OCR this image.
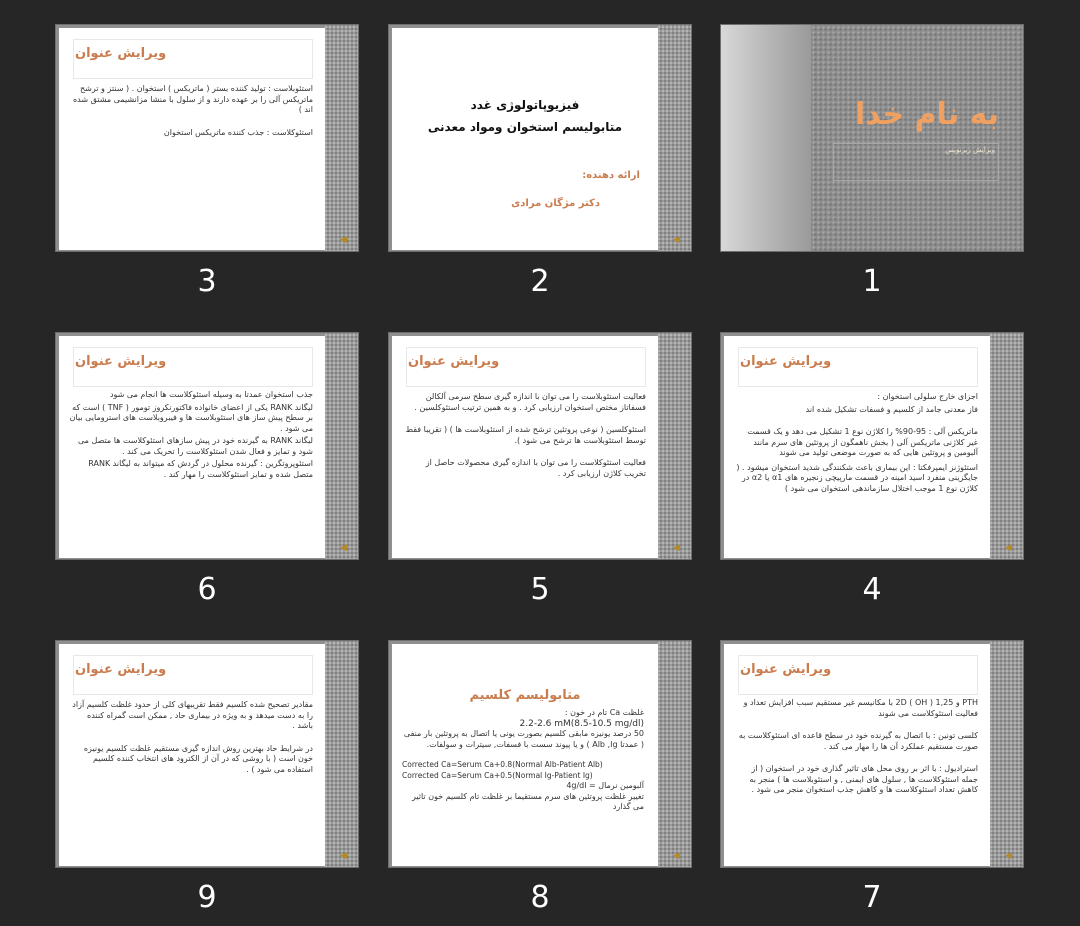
ویرایش عنوان

استئوبلاست : تولید کننده بستر ( ماتریکس ) استخوان . ( سنتز و ترشح ماتریکس آلی را بر عهده دارند و از سلول با منشا مزانشیمی مشتق شده اند )

استئوکلاست : جذب کننده ماتریکس استخوان

◀
3
فیزیوپاتولوژی غدد
متابولیسم استخوان ومواد معدنی
ارائه دهنده:
دکتر مژگان مرادی
◀
2
به نام خدا
ویرایش زیرنویس
1
ویرایش عنوان

جذب استخوان عمدتا به وسیله استئوکلاست ها انجام می شود

لیگاند RANK یکی از اعضای خانواده فاکتورنکروز تومور ( TNF ) است که بر سطح پیش ساز های استئوبلاست ها و فیبروبلاست های استرومایی بیان می شود .

لیگاند RANK به گیرنده خود در پیش سازهای استئوکلاست ها متصل می شود و تمایز و فعال شدن استئوکلاست را تحریک می کند .

استئوپروتگرین : گیرنده محلول در گردش که میتواند به لیگاند RANK متصل شده و تمایز استئوکلاست را مهار کند .

◀
6
ویرایش عنوان

فعالیت استئوبلاست را می توان با اندازه گیری سطح سرمی آلکالن فسفاتاز مختص استخوان ارزیابی کرد . و به همین ترتیب استئوکلسین .

استئوکلسین ( نوعی پروتئین ترشح شده از استئوبلاست ها ) ( تقریبا فقط توسط استئوبلاست ها ترشح می شود ).

فعالیت استئوکلاست را می توان با اندازه گیری محصولات حاصل از تخریب کلاژن ارزیابی کرد .

◀
5
ویرایش عنوان

اجزای خارج سلولی استخوان :

فاز معدنی جامد از کلسیم و فسفات تشکیل شده اند

ماتریکس آلی : 95-90% را کلاژن نوع 1 تشکیل می دهد و یک قسمت غیر کلاژنی ماتریکس آلی ( بخش ناهمگون از پروتئین های سرم مانند آلبومین و پروتئین هایی که به صورت موضعی تولید می شوند

استئوژنز ایمپرفکتا : این بیماری باعث شکنندگی شدید استخوان میشود . ( جایگزینی منفرد اسید امینه در قسمت مارپیچی زنجیره های α1 یا α2 در کلاژن نوع 1 موجب اختلال سازماندهی استخوان می شود )

◀
4
ویرایش عنوان

مقادیر تصحیح شده کلسیم فقط تقریبهای کلی از حدود غلظت کلسیم آزاد را به دست میدهد و به ویژه در بیماری حاد , ممکن است گمراه کننده باشد .

در شرایط حاد بهترین روش اندازه گیری مستقیم غلظت کلسیم یونیزه خون است ( با روشی که در آن از الکترود های انتخاب کننده کلسیم استفاده می شود ) .

◀
9
متابولیسم کلسیم
غلظت Ca تام در خون :
2.2-2.6 mM(8.5-10.5 mg/dl)
50 درصد یونیزه مابقی کلسیم بصورت یونی یا اتصال به پروتئین بار منفی ( عمدتا Alb ,Ig ) و یا پیوند سست با فسفات, سیترات و سولفات.
Corrected Ca=Serum Ca+0.8(Normal Alb-Patient Alb)
Corrected Ca=Serum Ca+0.5(Normal Ig-Patient Ig)
آلبومین نرمال = 4g/dl
تغییر غلظت پروتئین های سرم مستقیما بر غلظت تام کلسیم خون تاثیر می گذارد
◀
8
ویرایش عنوان

PTH و 1,25 ( OH ) 2D با مکانیسم غیر مستقیم سبب افزایش تعداد و فعالیت استئوکلاست می شوند

کلسی تونین : با اتصال به گیرنده خود در سطح قاعده ای استئوکلاست به صورت مستقیم عملکرد آن ها را مهار می کند .

استرادیول : با اثر بر روی محل های تاثیر گذاری خود در استخوان ( از جمله استئوکلاست ها , سلول های ایمنی , و استئوبلاست ها ) منجر به کاهش تعداد استئوکلاست ها و کاهش جذب استخوان منجر می شود .

◀
7
